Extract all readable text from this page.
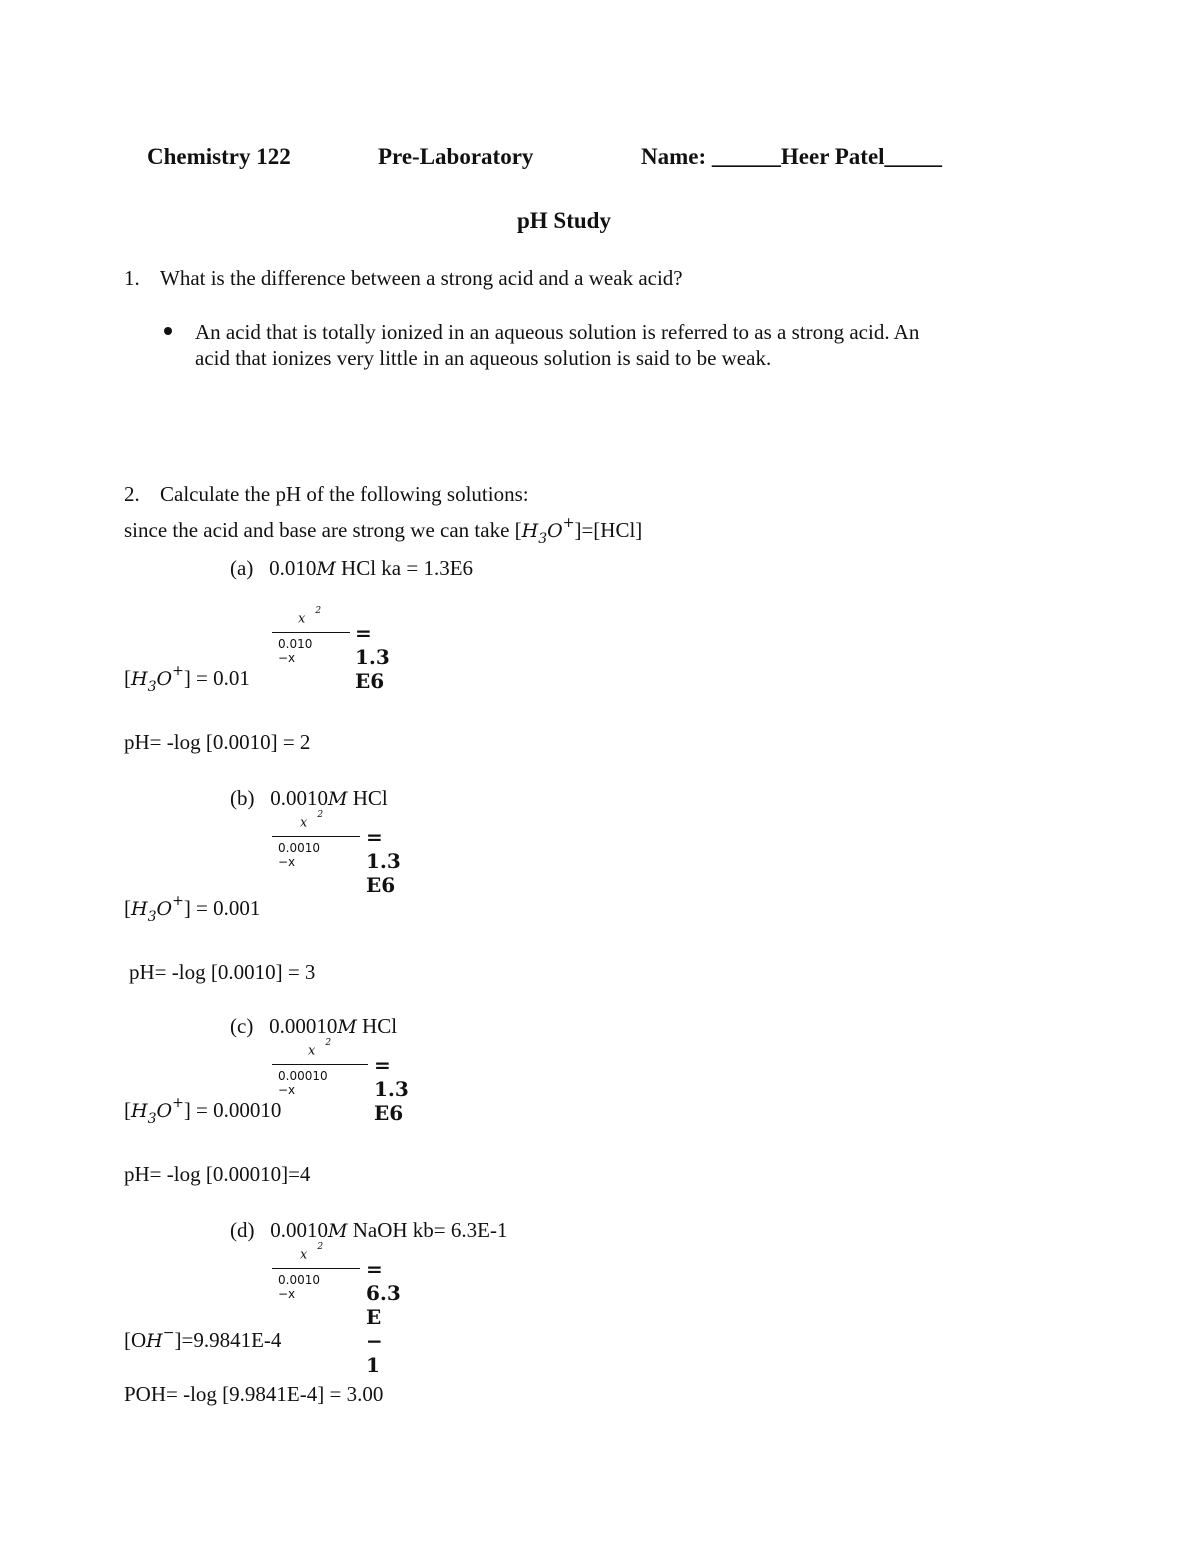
Chemistry 122	Pre-Laboratory	Name: ______Heer Patel_____
pH Study
1. What is the difference between a strong acid and a weak acid?
An acid that is totally ionized in an aqueous solution is referred to as a strong acid. An
acid that ionizes very little in an aqueous solution is said to be weak.
2. Calculate the pH of the following solutions:
since the acid and base are strong we can take $[H_3O^+]=[HCl]$
(a) 0.010M HCl ka = 1.3E6
$x^2$
0.010 −x
= 1.3 E6
$[H_3O^+] = 0.01$
pH= -log [0.0010] = 2
(b) 0.0010M HCl
$x^2$
0.0010 −x
= 1.3 E6
$[H_3O^+] = 0.001$
pH= -log [0.0010] = 3
(c) 0.00010M HCl
$x^2$
0.00010 −x
= 1.3 E6
$[H_3O^+] = 0.00010$
pH= -log [0.00010]=4
(d) 0.0010M NaOH kb= 6.3E-1
$x^2$
0.0010 −x
= 6.3 E − 1
[OH−]=9.9841E-4
POH= -log [9.9841E-4] = 3.00
